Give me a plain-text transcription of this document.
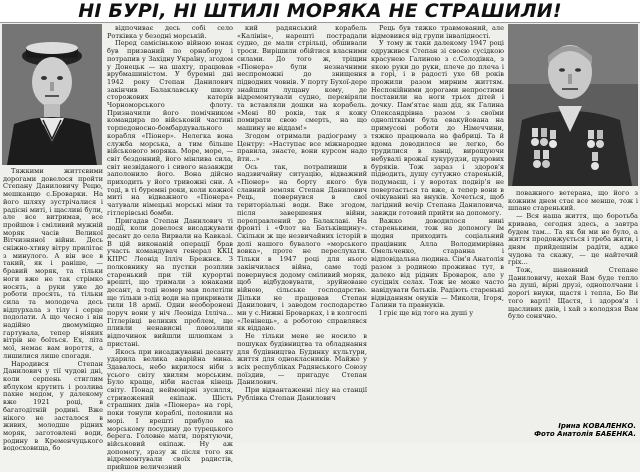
НІ БУРІ, НІ ШТИЛІ МОРЯКА НЕ СТРАШИЛИ!

Тяжкими життєвими дорогами довелося пройти Степану Даниловичу Рецю, мешканцю с.Броварки. На його шляху зустрічалися і радісні миті, і щасливі були, але все витримав, все пройшов і сміливий мужній моряк часів Великої Вітчизняної війни. Десь сніжно-хтиву вітру прилітає з минулого. А він все в такий, як і раніше, — бравий моряк, та тільки ноги вже не так стрімко носять, а руки уже до роботи просять, та тільки сила та молодеча десь відпурхала з тілу і серце подолати. А що чесно і він надійно двомуміцно гартувала, тепер ніяких вітрів не боїться. Ех, літа мої, немає вам вороття, а лишилися лише спогади.

Народився Степан Данилович у тії чудові дні, коли серпень стиглим яблуком крутить і розлива пахне медом, у далекому вже 1921 році, в багатодітній родині. Вже нікого не засталося в живих, молодше рідних моряк, заготовлені води, родину в Кременчуцького водосховища, бо

відпочиває десь собі село Ротківка у безодні морській.

Перед самісінькою війною юнак був призваний по орнабору і потрапив у Західну Україну, згодом у Донецьк — на шахту, працював врубмашиністом. У буремні дні 1942 року Степан Данилович закінчив Балаклавську школу сторожових катерів Чорноморського флоту. Призначили його помічником командира по військовій частині торпедоносно-бомбардувального корабля «Піонер». Нелегка вона служба морська, а тим більше військового моряка. Море, море, — світ бездонний, його мінлива сила, світ незвіданого і сивого назавжди заполонило його. Вона дійсно приходить у його тривожні сни. А тоді, в ті буремні роки, коли кожної миті на відважного «Піонера» чатували німецькі морські міни та гітлерівські бомби.

Пригадав Степан Данилович ті події, коли довелося висаджувати десант до села Вирвали на Кавказі. В цій виконаній операції брав участь командувач генерал ККЦ КПРС Леонід Ілліч Брежнєв. З полковнику на пустки розплив старенький при тій курортні врешті, що тримали з юнаками десант, а тоді номер мав полетіли ще тільки з-під води на прикривати тили 18 армії. Одни необоронені поруч вони у ніч Леоніда Ілліча... Гітлерівці великих проблем, ще пливли ненависні повозлили відпочинок вийшли шлюпкам з пристані.

Якось при висаджуванні десанту ударила велика аварійна мина. Здавалось, небо вкрилося ніби з усього світу хвилям морським. Було краще, ніби настав кінець світу. Понад неймовірні зусилля, стривожений екіпаж. Шість страшних днів «Піонера» на горі, поки тонули кораблі, полонили на морі. І врешті прибуло на морському пoсудину до турецького берега. Головне мати, порятуючи, військовий екіпаж. Ну аж допомогу, зразу ж після того як відремонтували своїх радистів, прийшов величезний

кий радянський корабель «Калінін», нарешті пострадали судно, де мали стрільці, обшивали троси. Вирішили обійтися власними силами. До того ж, тріщин «Піонера» були незначними неспроможні до знищення підводних човнів. У порту Бухої-дере знайшли лущану кому, де відремонтували судно, перевіряли та вставляли дошки на корабель. «Мені 80 років, так я кожу помирати свою смерть, на що машину не віддам!»

Згодом отримали радіограму з Центру: «Наступає все міжнародне правила, знаєте, вони курсом надо йти...»

Ось так, потрапивши в надзвичайну ситуацію, відважний «Піонер» на борту якого був славний земляк Степан Данилович Рець, повернувся в свої територіальні води. Вже згодом, після завершення війни, переправлений до Балаклаві. На фронті і «Флот на Батьківщину». Скільки ж ще незвичайних історій в долі нашого бувалого «морського вовка», проте не переслухати. Тільки в 1947 році для нього закінчилася війна, саме тоді повернувся додому сміливий моряк, щоб відбудовувати, зруйноване війною, сільське господарство. Дільки не працював Степан Данилович, і заводом господарство ми у с.Нижні Броварках, і в колгоспі «Ленінець», а роботою справлявся як віддано.

Не тільки мене не носило в пошуках будівництва та обладнання для будівництва Будинку культури, життя для однокласників. Майже у всіх республіках Радянського Союзу поїздив, — пригадує Степан Данилович.

При відвантаженні лісу на станції Рублівка Степан Данилович

Рець був тяжко травмований, але відмовився від групи інвалідності.

У тому ж таки далекому 1947 році одружився Степан зі своєю сусідкою красунею Галиною з с.Солодівка, з якою руки до руки, плече до плеча і в горі, і в радості ухе 68 років прожили разом мирним життям. Неспокійними дорогами непростими поставили на ноги трьох дітей і дочку. Пам'ятає наш дід, як Галина Олександрівна разом з своїми однолітками була евакуйована на примусові роботи до Німеччини, тяжко працювала на фабриці. Та й вдома доводилося не легко, бо трудилися в ланці, вирощуючи небувалі врожаї кукурудзи, цукрових буряків. Тож зараз і здоров'я підводить, душу сутужно старенькій, подумаєш, і у воротах подвір'я не повертається та вже, а тепер вони в очікуванні на внуків. Хочеться, щоб лагідний вечір Степана Даниловича, завжди готовий прийти на допомогу.

Важко доводилося нині старенькими, тож на допомогу їм щодня приходить соціальний працівник Алла Володимирівна Омельченко, старанна і відповідальна людина. Сім'я Анатолія разом з родиною проживає тут, в далеко від рідних Броварок, але у сусідніх селах. Тож не може часто навідувати батьків. Радіють старенькі відвіданням онуків — Миколи, Ігоря, Галини та правнуків.

І гріє ще від того на душі у

поважного ветерана, що його з кожним днем стає все менше, тож і шпане старенький.

— Вся наша життя, що боротьба кривава, сегодня здесь, а завтра будем там... Та як би ми не було, а життя продовжується і треба жити, і дням прийдешнім радіти, адже чудова та скажу, — це найтечий гріх...

Тож, шановний Степане Даниловичу, нехай Вам буде тепло на душі, вірні друзі, однополчани і дорогі внуки, щастя і тепла, Бо Ви того варті! Щастя, і здоров'я і щасливих днів, і хай з колодязя Вам було сонячно.

Ірина КОВАЛЕНКО.
Фото Анатолія БАБЕНКА.
